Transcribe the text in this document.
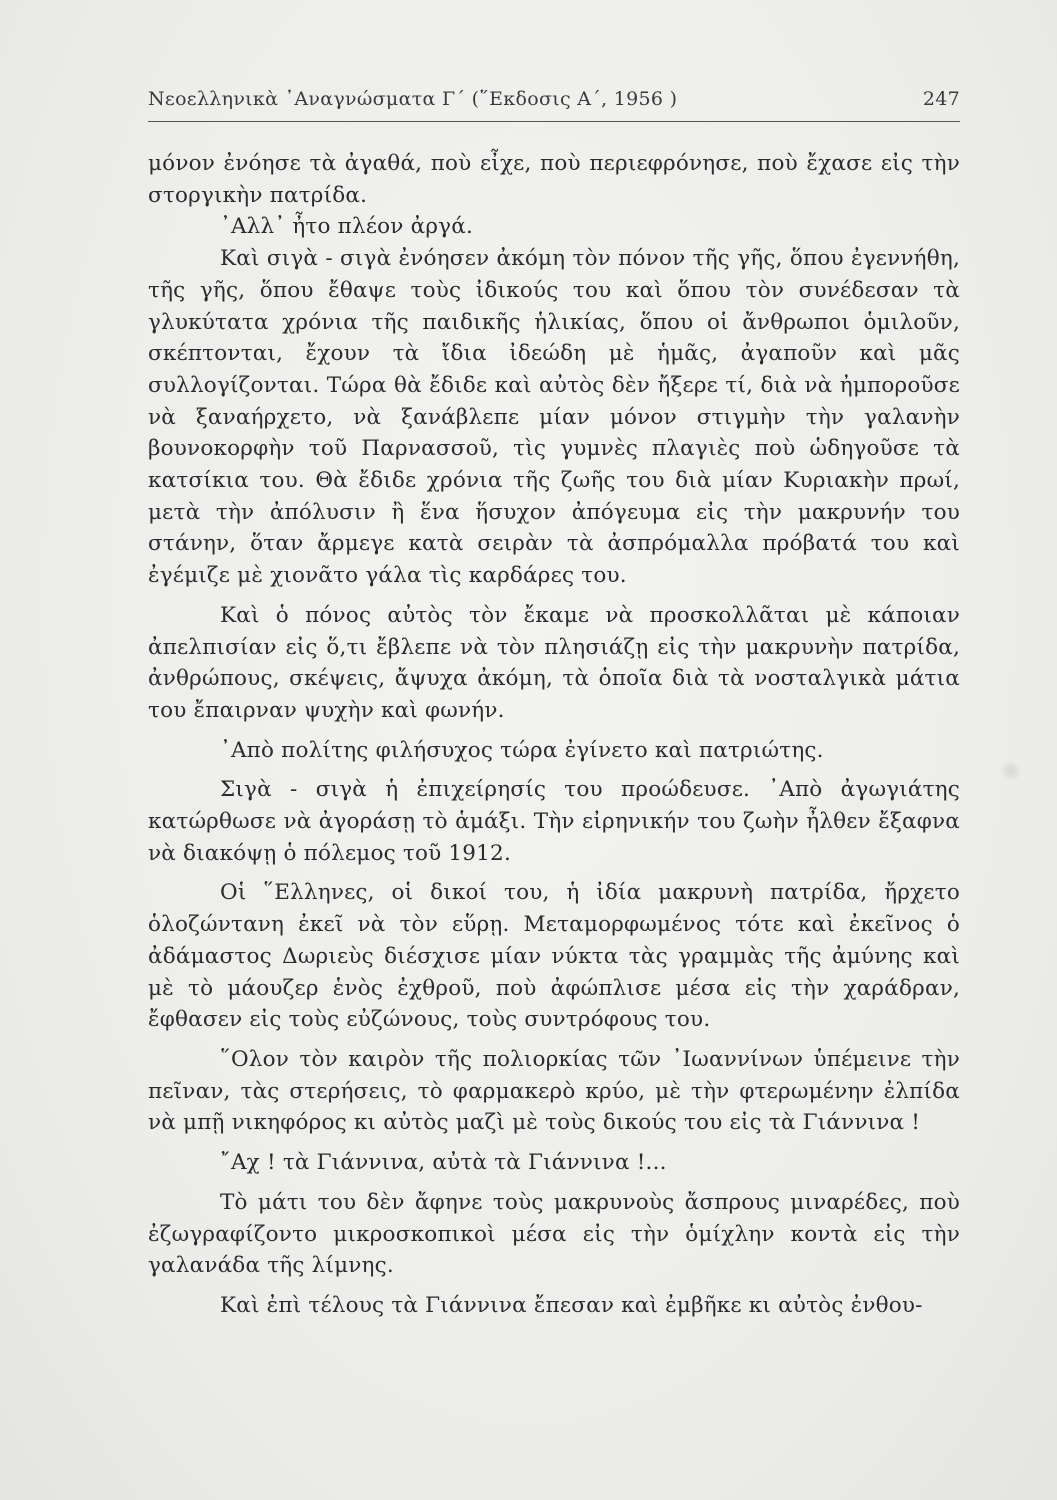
Νεοελληνικὰ ᾿Αναγνώσματα Γ΄ (῞Εκδοσις Α΄, 1956 )	247

μόνον ἐνόησε τὰ ἀγαθά, ποὺ εἶχε, ποὺ περιεφρόνησε, ποὺ ἔχασε εἰς τὴν στοργικὴν πατρίδα.

᾿Αλλ᾿ ἦτο πλέον ἀργά.

Καὶ σιγὰ - σιγὰ ἐνόησεν ἀκόμη τὸν πόνον τῆς γῆς, ὅπου ἐγεννήθη, τῆς γῆς, ὅπου ἔθαψε τοὺς ἰδικούς του καὶ ὅπου τὸν συνέδεσαν τὰ γλυκύτατα χρόνια τῆς παιδικῆς ἡλικίας, ὅπου οἱ ἄνθρωποι ὁμιλοῦν, σκέπτονται, ἔχουν τὰ ἴδια ἰδεώδη μὲ ἡμᾶς, ἀγαποῦν καὶ μᾶς συλλογίζονται. Τώρα θὰ ἔδιδε καὶ αὐτὸς δὲν ἤξερε τί, διὰ νὰ ἠμποροῦσε νὰ ξαναήρχετο, νὰ ξανάβλεπε μίαν μόνον στιγμὴν τὴν γαλανὴν βουνοκορφὴν τοῦ Παρνασσοῦ, τὶς γυμνὲς πλαγιὲς ποὺ ὡδηγοῦσε τὰ κατσίκια του. Θὰ ἔδιδε χρόνια τῆς ζωῆς του διὰ μίαν Κυριακὴν πρωί, μετὰ τὴν ἀπόλυσιν ἢ ἕνα ἥσυχον ἀπόγευμα εἰς τὴν μακρυνήν του στάνην, ὅταν ἄρμεγε κατὰ σειρὰν τὰ ἀσπρόμαλλα πρόβατά του καὶ ἐγέμιζε μὲ χιονᾶτο γάλα τὶς καρδάρες του.

Καὶ ὁ πόνος αὐτὸς τὸν ἔκαμε νὰ προσκολλᾶται μὲ κάποιαν ἀπελπισίαν εἰς ὅ,τι ἔβλεπε νὰ τὸν πλησιάζῃ εἰς τὴν μακρυνὴν πατρίδα, ἀνθρώπους, σκέψεις, ἄψυχα ἀκόμη, τὰ ὁποῖα διὰ τὰ νοσταλγικὰ μάτια του ἔπαιρναν ψυχὴν καὶ φωνήν.

᾿Απὸ πολίτης φιλήσυχος τώρα ἐγίνετο καὶ πατριώτης.

Σιγὰ - σιγὰ ἡ ἐπιχείρησίς του προώδευσε. ᾿Απὸ ἀγωγιάτης κατώρθωσε νὰ ἀγοράσῃ τὸ ἁμάξι. Τὴν εἰρηνικήν του ζωὴν ἦλθεν ἔξαφνα νὰ διακόψῃ ὁ πόλεμος τοῦ 1912.

Οἱ ῞Ελληνες, οἱ δικοί του, ἡ ἰδία μακρυνὴ πατρίδα, ἤρχετο ὁλοζώντανη ἐκεῖ νὰ τὸν εὕρῃ. Μεταμορφωμένος τότε καὶ ἐκεῖνος ὁ ἀδάμαστος Δωριεὺς διέσχισε μίαν νύκτα τὰς γραμμὰς τῆς ἀμύνης καὶ μὲ τὸ μάουζερ ἑνὸς ἐχθροῦ, ποὺ ἀφώπλισε μέσα εἰς τὴν χαράδραν, ἔφθασεν εἰς τοὺς εὐζώνους, τοὺς συντρόφους του.

῞Ολον τὸν καιρὸν τῆς πολιορκίας τῶν ᾿Ιωαννίνων ὑπέμεινε τὴν πεῖναν, τὰς στερήσεις, τὸ φαρμακερὸ κρύο, μὲ τὴν φτερωμένην ἐλπίδα νὰ μπῇ νικηφόρος κι αὐτὸς μαζὶ μὲ τοὺς δικούς του εἰς τὰ Γιάννινα !

῎Αχ ! τὰ Γιάννινα, αὐτὰ τὰ Γιάννινα !...

Τὸ μάτι του δὲν ἄφηνε τοὺς μακρυνοὺς ἄσπρους μιναρέδες, ποὺ ἐζωγραφίζοντο μικροσκοπικοὶ μέσα εἰς τὴν ὁμίχλην κοντὰ εἰς τὴν γαλανάδα τῆς λίμνης.

Καὶ ἐπὶ τέλους τὰ Γιάννινα ἔπεσαν καὶ ἐμβῆκε κι αὐτὸς ἐνθου-
